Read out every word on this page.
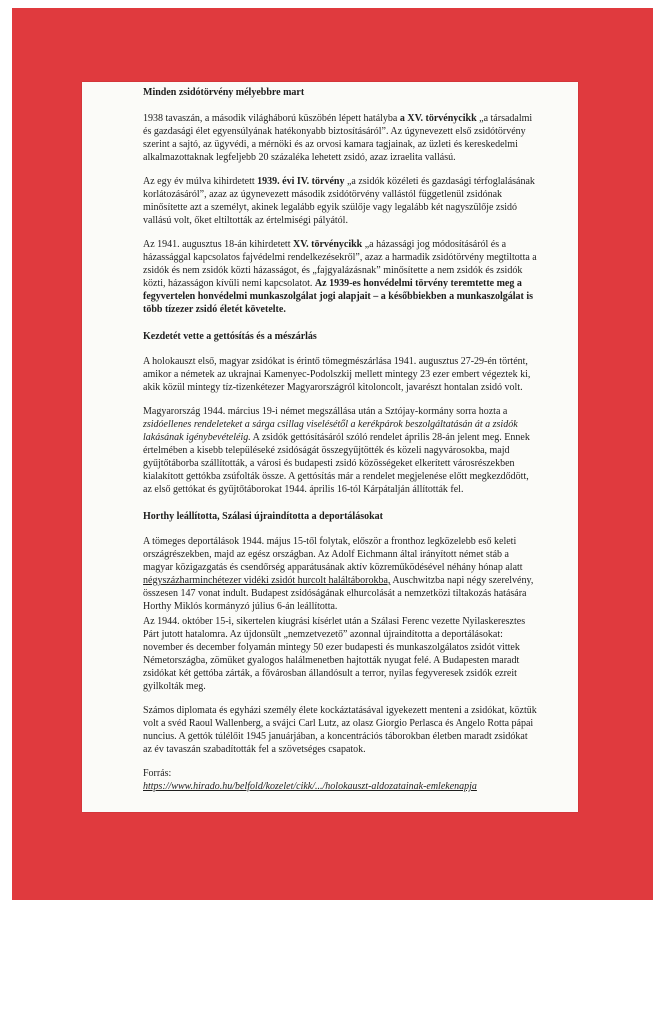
Minden zsidótörvény mélyebbre mart

1938 tavaszán, a második világháború küszöbén lépett hatályba a XV. törvénycikk „a társadalmi és gazdasági élet egyensúlyának hatékonyabb biztosításáról”. Az úgynevezett első zsidótörvény szerint a sajtó, az ügyvédi, a mérnöki és az orvosi kamara tagjainak, az üzleti és kereskedelmi alkalmazottaknak legfeljebb 20 százaléka lehetett zsidó, azaz izraelita vallású.

Az egy év múlva kihirdetett 1939. évi IV. törvény „a zsidók közéleti és gazdasági térfoglalásának korlátozásáról”, azaz az úgynevezett második zsidótörvény vallástól függetlenül zsidónak minősítette azt a személyt, akinek legalább egyik szülője vagy legalább két nagyszülője zsidó vallású volt, őket eltiltották az értelmiségi pályától.

Az 1941. augusztus 18-án kihirdetett XV. törvénycikk „a házassági jog módosításáról és a házassággal kapcsolatos fajvédelmi rendelkezésekről”, azaz a harmadik zsidótörvény megtiltotta a zsidók és nem zsidók közti házasságot, és „fajgyalázásnak” minősítette a nem zsidók és zsidók közti, házasságon kívüli nemi kapcsolatot. Az 1939-es honvédelmi törvény teremtette meg a fegyvertelen honvédelmi munkaszolgálat jogi alapjait – a későbbiekben a munkaszolgálat is több tízezer zsidó életét követelte.

Kezdetét vette a gettósítás és a mészárlás

A holokauszt első, magyar zsidókat is érintő tömegmészárlása 1941. augusztus 27-29-én történt, amikor a németek az ukrajnai Kamenyec-Podolszkij mellett mintegy 23 ezer embert végeztek ki, akik közül mintegy tíz-tizenkétezer Magyarországról kitoloncolt, javarészt hontalan zsidó volt.

Magyarország 1944. március 19-i német megszállása után a Sztójay-kormány sorra hozta a zsidóellenes rendeleteket a sárga csillag viselésétől a kerékpárok beszolgáltatásán át a zsidók lakásának igénybevételéig. A zsidók gettósításáról szóló rendelet április 28-án jelent meg. Ennek értelmében a kisebb településeké zsidóságát összegyűjtötték és közeli nagyvárosokba, majd gyűjtőtáborba szállították, a városi és budapesti zsidó közösségeket elkerített városrészekben kialakított gettókba zsúfolták össze. A gettósítás már a rendelet megjelenése előtt megkezdődött, az első gettókat és gyűjtőtáborokat 1944. április 16-tól Kárpátalján állították fel.

Horthy leállította, Szálasi újraindította a deportálásokat

A tömeges deportálások 1944. május 15-től folytak, először a fronthoz legközelebb eső keleti országrészekben, majd az egész országban. Az Adolf Eichmann által irányított német stáb a magyar közigazgatás és csendőrség apparátusának aktív közreműködésével néhány hónap alatt négyszázharminchétezer vidéki zsidót hurcolt haláltáborokba, Auschwitzba napi négy szerelvény, összesen 147 vonat indult. Budapest zsidóságának elhurcolását a nemzetközi tiltakozás hatására Horthy Miklós kormányzó július 6-án leállította.

Az 1944. október 15-i, sikertelen kiugrási kísérlet után a Szálasi Ferenc vezette Nyilaskeresztes Párt jutott hatalomra. Az újdonsült „nemzetvezető” azonnal újraindította a deportálásokat: november és december folyamán mintegy 50 ezer budapesti és munkaszolgálatos zsidót vittek Németországba, zömüket gyalogos halálmenetben hajtották nyugat felé. A Budapesten maradt zsidókat két gettóba zárták, a fővárosban állandósult a terror, nyilas fegyveresek zsidók ezreit gyilkolták meg.

Számos diplomata és egyházi személy élete kockáztatásával igyekezett menteni a zsidókat, köztük volt a svéd Raoul Wallenberg, a svájci Carl Lutz, az olasz Giorgio Perlasca és Angelo Rotta pápai nuncius. A gettók túlélőit 1945 januárjában, a koncentrációs táborokban életben maradt zsidókat az év tavaszán szabadították fel a szövetséges csapatok.

Forrás:

https://www.hirado.hu/belfold/kozelet/cikk/.../holokauszt-aldozatainak-emlekenapja
